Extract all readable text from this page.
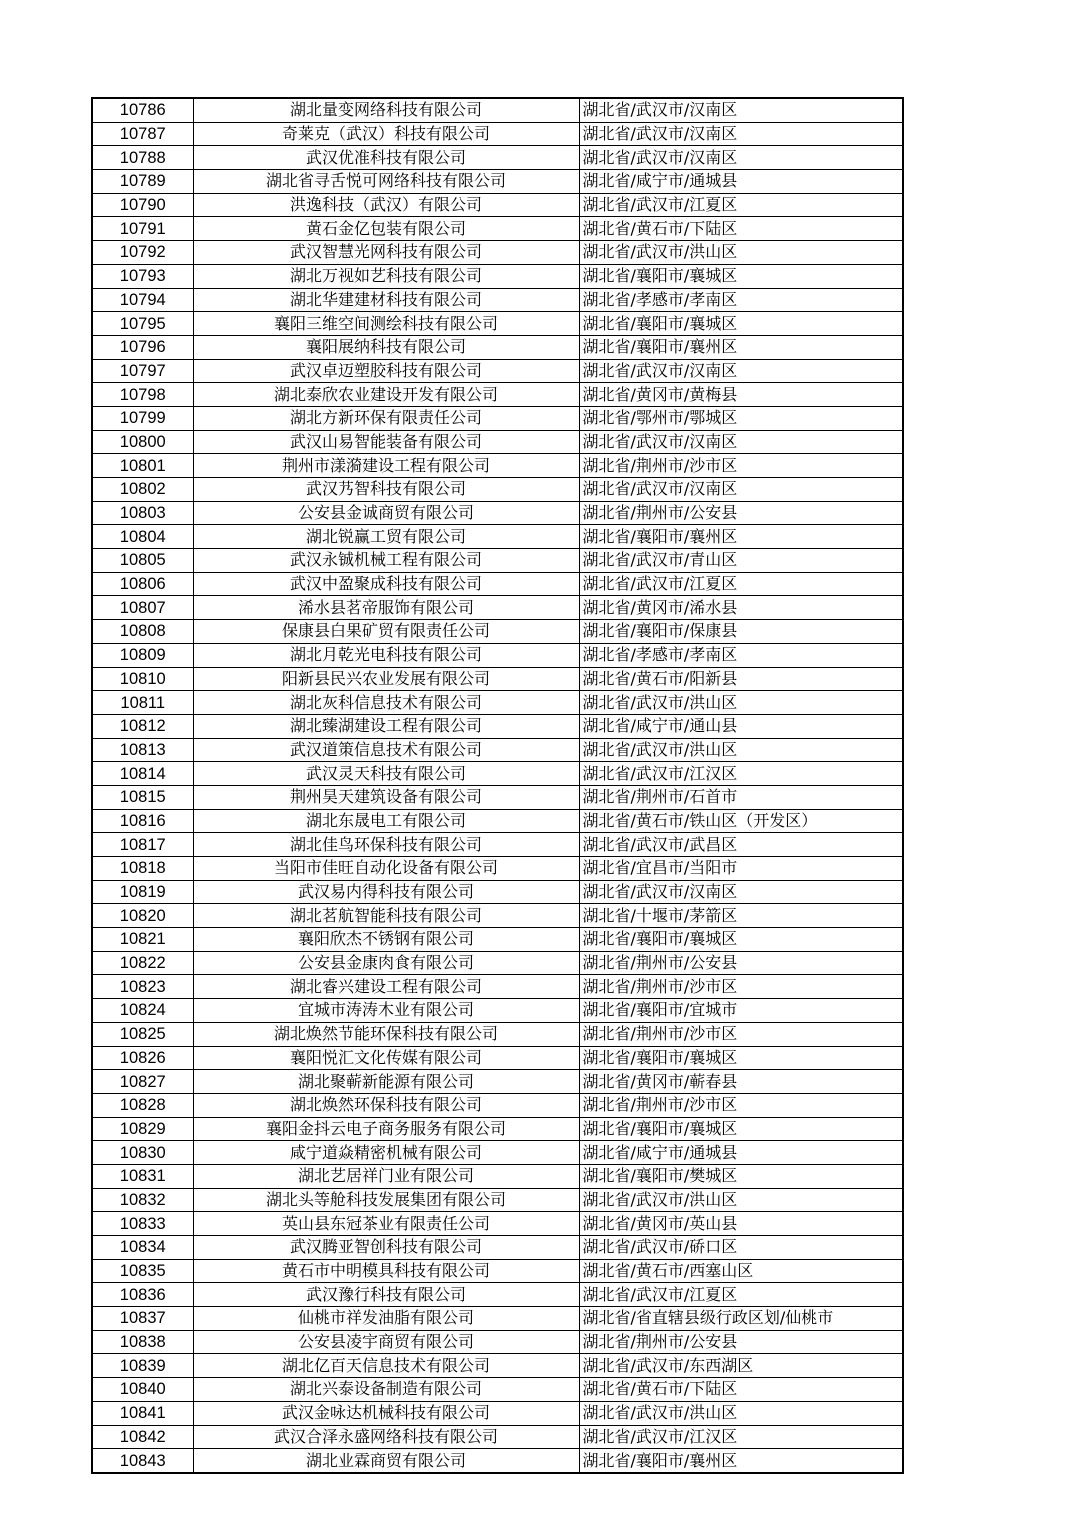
10786	湖北量变网络科技有限公司	湖北省/武汉市/汉南区
10787	奇莱克（武汉）科技有限公司	湖北省/武汉市/汉南区
10788	武汉优准科技有限公司	湖北省/武汉市/汉南区
10789	湖北省寻舌悦可网络科技有限公司	湖北省/咸宁市/通城县
10790	洪逸科技（武汉）有限公司	湖北省/武汉市/江夏区
10791	黄石金亿包装有限公司	湖北省/黄石市/下陆区
10792	武汉智慧光网科技有限公司	湖北省/武汉市/洪山区
10793	湖北万视如艺科技有限公司	湖北省/襄阳市/襄城区
10794	湖北华建建材科技有限公司	湖北省/孝感市/孝南区
10795	襄阳三维空间测绘科技有限公司	湖北省/襄阳市/襄城区
10796	襄阳展纳科技有限公司	湖北省/襄阳市/襄州区
10797	武汉卓迈塑胶科技有限公司	湖北省/武汉市/汉南区
10798	湖北泰欣农业建设开发有限公司	湖北省/黄冈市/黄梅县
10799	湖北方新环保有限责任公司	湖北省/鄂州市/鄂城区
10800	武汉山易智能装备有限公司	湖北省/武汉市/汉南区
10801	荆州市漾漪建设工程有限公司	湖北省/荆州市/沙市区
10802	武汉艿智科技有限公司	湖北省/武汉市/汉南区
10803	公安县金诚商贸有限公司	湖北省/荆州市/公安县
10804	湖北锐赢工贸有限公司	湖北省/襄阳市/襄州区
10805	武汉永铖机械工程有限公司	湖北省/武汉市/青山区
10806	武汉中盈聚成科技有限公司	湖北省/武汉市/江夏区
10807	浠水县茗帝服饰有限公司	湖北省/黄冈市/浠水县
10808	保康县白果矿贸有限责任公司	湖北省/襄阳市/保康县
10809	湖北月乾光电科技有限公司	湖北省/孝感市/孝南区
10810	阳新县民兴农业发展有限公司	湖北省/黄石市/阳新县
10811	湖北灰科信息技术有限公司	湖北省/武汉市/洪山区
10812	湖北臻湖建设工程有限公司	湖北省/咸宁市/通山县
10813	武汉道策信息技术有限公司	湖北省/武汉市/洪山区
10814	武汉灵天科技有限公司	湖北省/武汉市/江汉区
10815	荆州昊天建筑设备有限公司	湖北省/荆州市/石首市
10816	湖北东晟电工有限公司	湖北省/黄石市/铁山区（开发区）
10817	湖北佳鸟环保科技有限公司	湖北省/武汉市/武昌区
10818	当阳市佳旺自动化设备有限公司	湖北省/宜昌市/当阳市
10819	武汉易内得科技有限公司	湖北省/武汉市/汉南区
10820	湖北茗航智能科技有限公司	湖北省/十堰市/茅箭区
10821	襄阳欣杰不锈钢有限公司	湖北省/襄阳市/襄城区
10822	公安县金康肉食有限公司	湖北省/荆州市/公安县
10823	湖北睿兴建设工程有限公司	湖北省/荆州市/沙市区
10824	宜城市涛涛木业有限公司	湖北省/襄阳市/宜城市
10825	湖北焕然节能环保科技有限公司	湖北省/荆州市/沙市区
10826	襄阳悦汇文化传媒有限公司	湖北省/襄阳市/襄城区
10827	湖北聚蕲新能源有限公司	湖北省/黄冈市/蕲春县
10828	湖北焕然环保科技有限公司	湖北省/荆州市/沙市区
10829	襄阳金抖云电子商务服务有限公司	湖北省/襄阳市/襄城区
10830	咸宁道焱精密机械有限公司	湖北省/咸宁市/通城县
10831	湖北艺居祥门业有限公司	湖北省/襄阳市/樊城区
10832	湖北头等舱科技发展集团有限公司	湖北省/武汉市/洪山区
10833	英山县东冠茶业有限责任公司	湖北省/黄冈市/英山县
10834	武汉腾亚智创科技有限公司	湖北省/武汉市/硚口区
10835	黄石市中明模具科技有限公司	湖北省/黄石市/西塞山区
10836	武汉豫行科技有限公司	湖北省/武汉市/江夏区
10837	仙桃市祥发油脂有限公司	湖北省/省直辖县级行政区划/仙桃市
10838	公安县凌宇商贸有限公司	湖北省/荆州市/公安县
10839	湖北亿百天信息技术有限公司	湖北省/武汉市/东西湖区
10840	湖北兴泰设备制造有限公司	湖北省/黄石市/下陆区
10841	武汉金咏达机械科技有限公司	湖北省/武汉市/洪山区
10842	武汉合泽永盛网络科技有限公司	湖北省/武汉市/江汉区
10843	湖北业霖商贸有限公司	湖北省/襄阳市/襄州区
